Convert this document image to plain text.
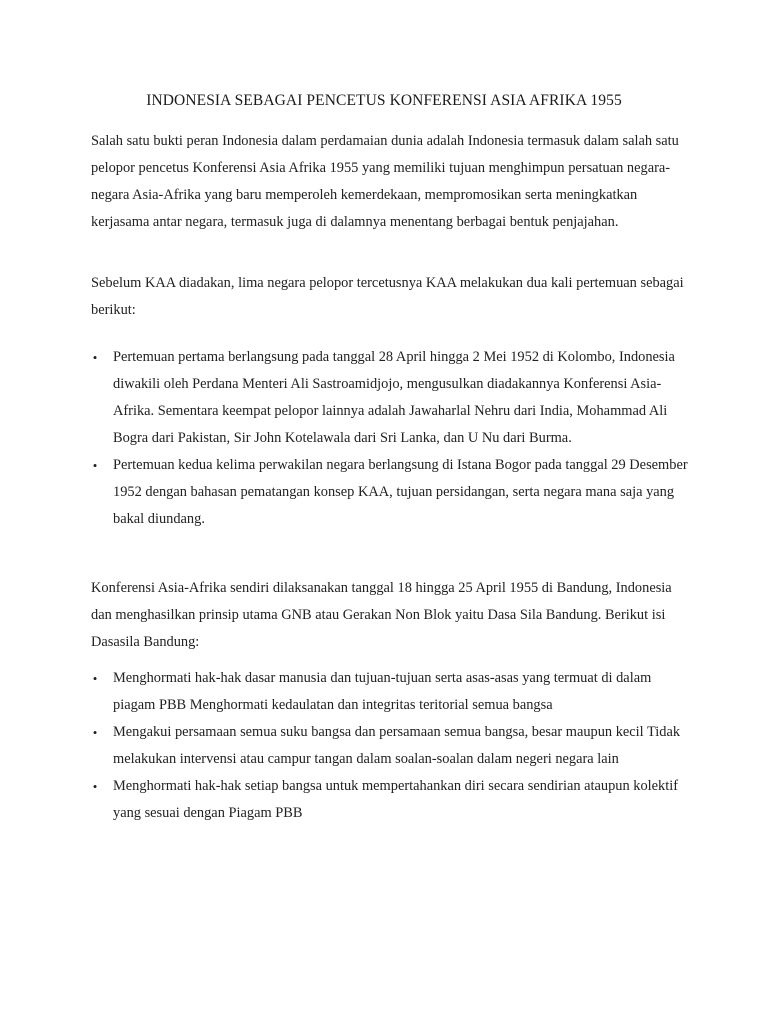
INDONESIA SEBAGAI PENCETUS KONFERENSI ASIA AFRIKA 1955

Salah satu bukti peran Indonesia dalam perdamaian dunia adalah Indonesia termasuk dalam salah satu pelopor pencetus Konferensi Asia Afrika 1955 yang memiliki tujuan menghimpun persatuan negara-negara Asia-Afrika yang baru memperoleh kemerdekaan, mempromosikan serta meningkatkan kerjasama antar negara, termasuk juga di dalamnya menentang berbagai bentuk penjajahan.

Sebelum KAA diadakan, lima negara pelopor tercetusnya KAA melakukan dua kali pertemuan sebagai berikut:

• Pertemuan pertama berlangsung pada tanggal 28 April hingga 2 Mei 1952 di Kolombo, Indonesia diwakili oleh Perdana Menteri Ali Sastroamidjojo, mengusulkan diadakannya Konferensi Asia-Afrika. Sementara keempat pelopor lainnya adalah Jawaharlal Nehru dari India, Mohammad Ali Bogra dari Pakistan, Sir John Kotelawala dari Sri Lanka, dan U Nu dari Burma.
• Pertemuan kedua kelima perwakilan negara berlangsung di Istana Bogor pada tanggal 29 Desember 1952 dengan bahasan pematangan konsep KAA, tujuan persidangan, serta negara mana saja yang bakal diundang.

Konferensi Asia-Afrika sendiri dilaksanakan tanggal 18 hingga 25 April 1955 di Bandung, Indonesia dan menghasilkan prinsip utama GNB atau Gerakan Non Blok yaitu Dasa Sila Bandung. Berikut isi Dasasila Bandung:

• Menghormati hak-hak dasar manusia dan tujuan-tujuan serta asas-asas yang termuat di dalam piagam PBB Menghormati kedaulatan dan integritas teritorial semua bangsa
• Mengakui persamaan semua suku bangsa dan persamaan semua bangsa, besar maupun kecil Tidak melakukan intervensi atau campur tangan dalam soalan-soalan dalam negeri negara lain
• Menghormati hak-hak setiap bangsa untuk mempertahankan diri secara sendirian ataupun kolektif yang sesuai dengan Piagam PBB
